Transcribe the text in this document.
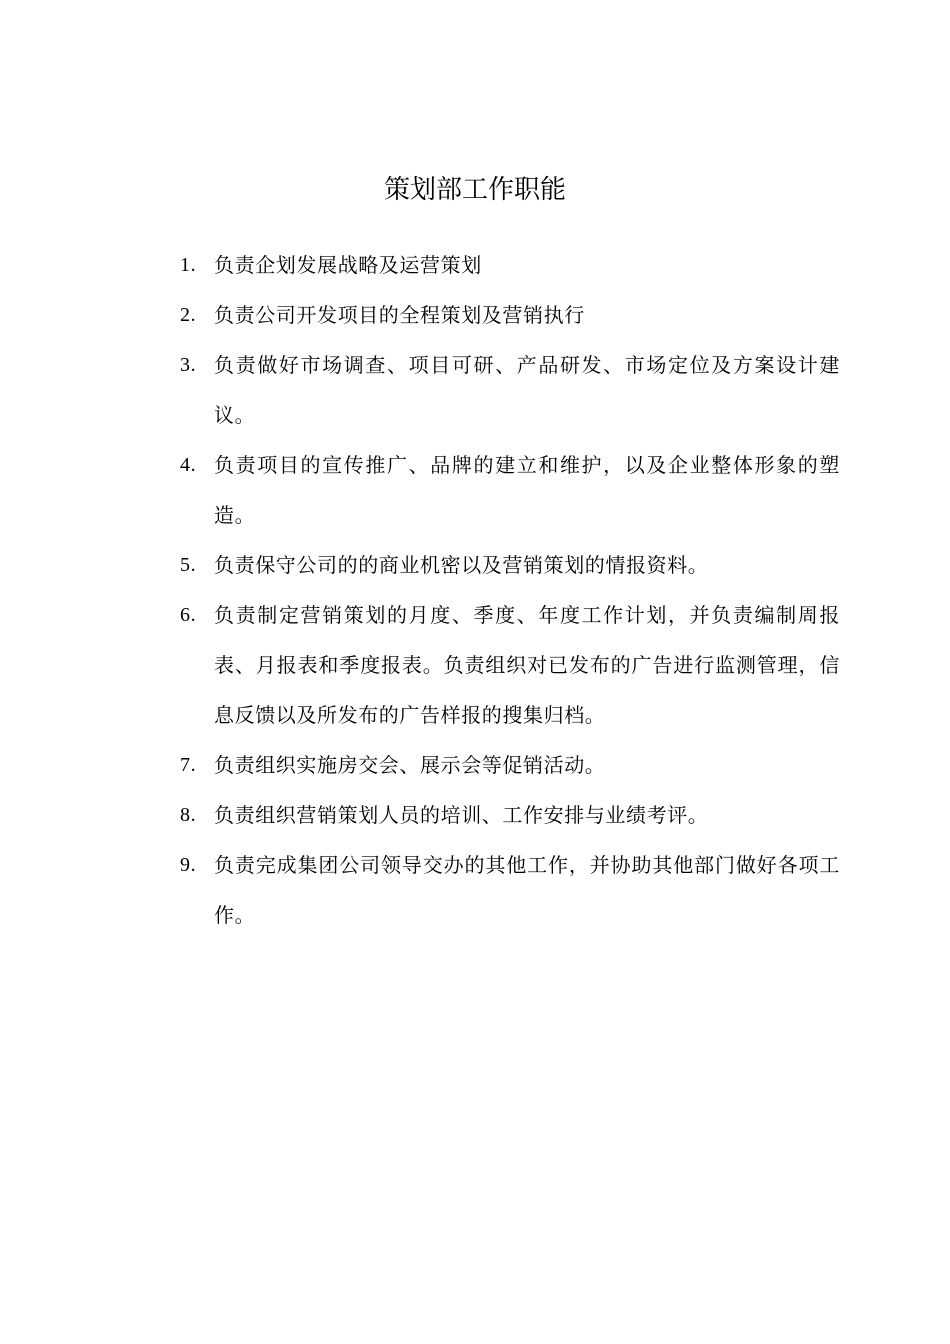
策划部工作职能
1. 负责企划发展战略及运营策划
2. 负责公司开发项目的全程策划及营销执行
3. 负责做好市场调查、项目可研、产品研发、市场定位及方案设计建议。
4. 负责项目的宣传推广、品牌的建立和维护，以及企业整体形象的塑造。
5. 负责保守公司的的商业机密以及营销策划的情报资料。
6. 负责制定营销策划的月度、季度、年度工作计划，并负责编制周报表、月报表和季度报表。负责组织对已发布的广告进行监测管理，信息反馈以及所发布的广告样报的搜集归档。
7. 负责组织实施房交会、展示会等促销活动。
8. 负责组织营销策划人员的培训、工作安排与业绩考评。
9. 负责完成集团公司领导交办的其他工作，并协助其他部门做好各项工作。
